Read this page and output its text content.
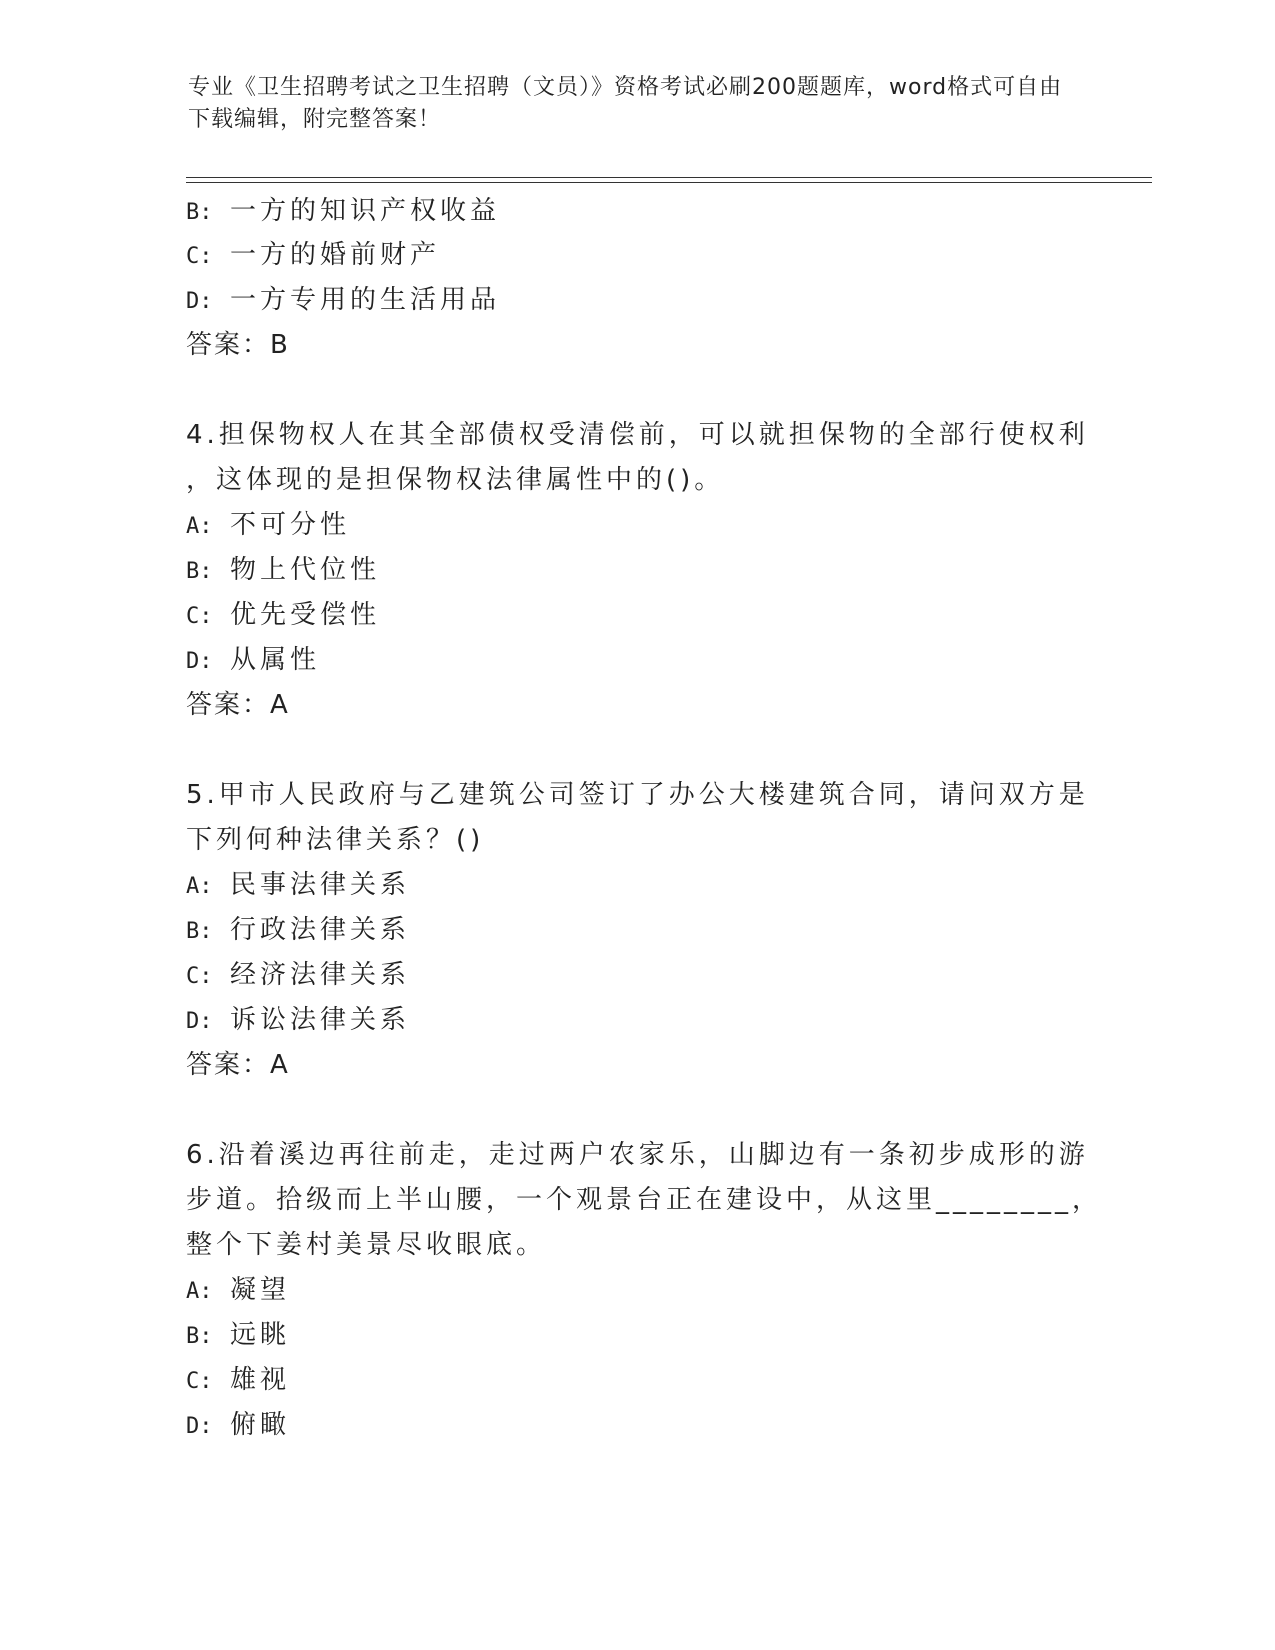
专业《卫生招聘考试之卫生招聘（文员）》资格考试必刷200题题库，word格式可自由下载编辑，附完整答案！
B: 一方的知识产权收益
C: 一方的婚前财产
D: 一方专用的生活用品
答案：B
4.担保物权人在其全部债权受清偿前，可以就担保物的全部行使权利
，这体现的是担保物权法律属性中的()。
A: 不可分性
B: 物上代位性
C: 优先受偿性
D: 从属性
答案：A
5.甲市人民政府与乙建筑公司签订了办公大楼建筑合同，请问双方是
下列何种法律关系？()
A: 民事法律关系
B: 行政法律关系
C: 经济法律关系
D: 诉讼法律关系
答案：A
6.沿着溪边再往前走，走过两户农家乐，山脚边有一条初步成形的游
步道。拾级而上半山腰，一个观景台正在建设中，从这里________，
整个下姜村美景尽收眼底。
A: 凝望
B: 远眺
C: 雄视
D: 俯瞰
